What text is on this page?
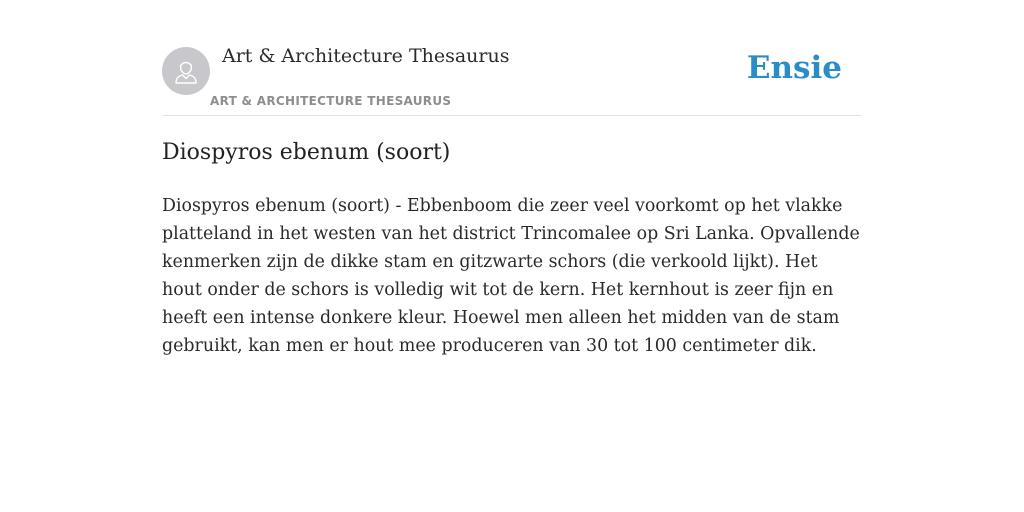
Art & Architecture Thesaurus
ART & ARCHITECTURE THESAURUS
Ensie
Diospyros ebenum (soort)

Diospyros ebenum (soort) - Ebbenboom die zeer veel voorkomt op het vlakke platteland in het westen van het district Trincomalee op Sri Lanka. Opvallende kenmerken zijn de dikke stam en gitzwarte schors (die verkoold lijkt). Het hout onder de schors is volledig wit tot de kern. Het kernhout is zeer fijn en heeft een intense donkere kleur. Hoewel men alleen het midden van de stam gebruikt, kan men er hout mee produceren van 30 tot 100 centimeter dik.
